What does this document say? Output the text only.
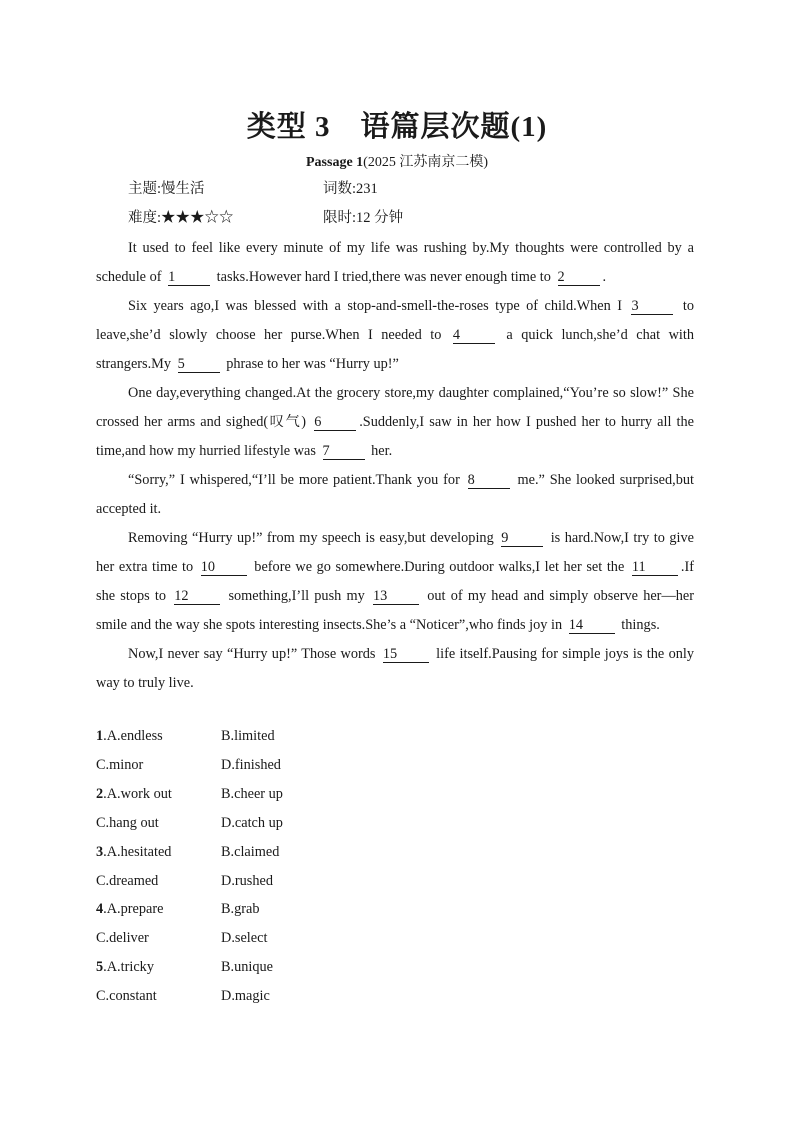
类型 3　语篇层次题(1)
Passage 1(2025 江苏南京二模)
主题:慢生活	词数:231
难度:★★★☆☆	限时:12 分钟

It used to feel like every minute of my life was rushing by.My thoughts were controlled by a schedule of 1	tasks.However hard I tried,there was never enough time to 2	.

Six years ago,I was blessed with a stop-and-smell-the-roses type of child.When I 3	to leave,she’d slowly choose her purse.When I needed to 4	a quick lunch,she’d chat with strangers.My 5	phrase to her was “Hurry up!”

One day,everything changed.At the grocery store,my daughter complained,“You’re so slow!” She crossed her arms and sighed(叹气) 6	.Suddenly,I saw in her how I pushed her to hurry all the time,and how my hurried lifestyle was 7	her.

“Sorry,” I whispered,“I’ll be more patient.Thank you for 8	me.” She looked surprised,but accepted it.

Removing “Hurry up!” from my speech is easy,but developing 9	is hard.Now,I try to give her extra time to 10 before we go somewhere.During outdoor walks,I let her set the 11 .If she stops to 12 something,I’ll push my 13 out of my head and simply observe her—her smile and the way she spots interesting insects.She’s a “Noticer”,who finds joy in 14 things.

Now,I never say “Hurry up!” Those words 15 life itself.Pausing for simple joys is the only way to truly live.

1.A.endless	B.limited
C.minor	D.finished
2.A.work out	B.cheer up
C.hang out	D.catch up
3.A.hesitated	B.claimed
C.dreamed	D.rushed
4.A.prepare	B.grab
C.deliver	D.select
5.A.tricky	B.unique
C.constant	D.magic
